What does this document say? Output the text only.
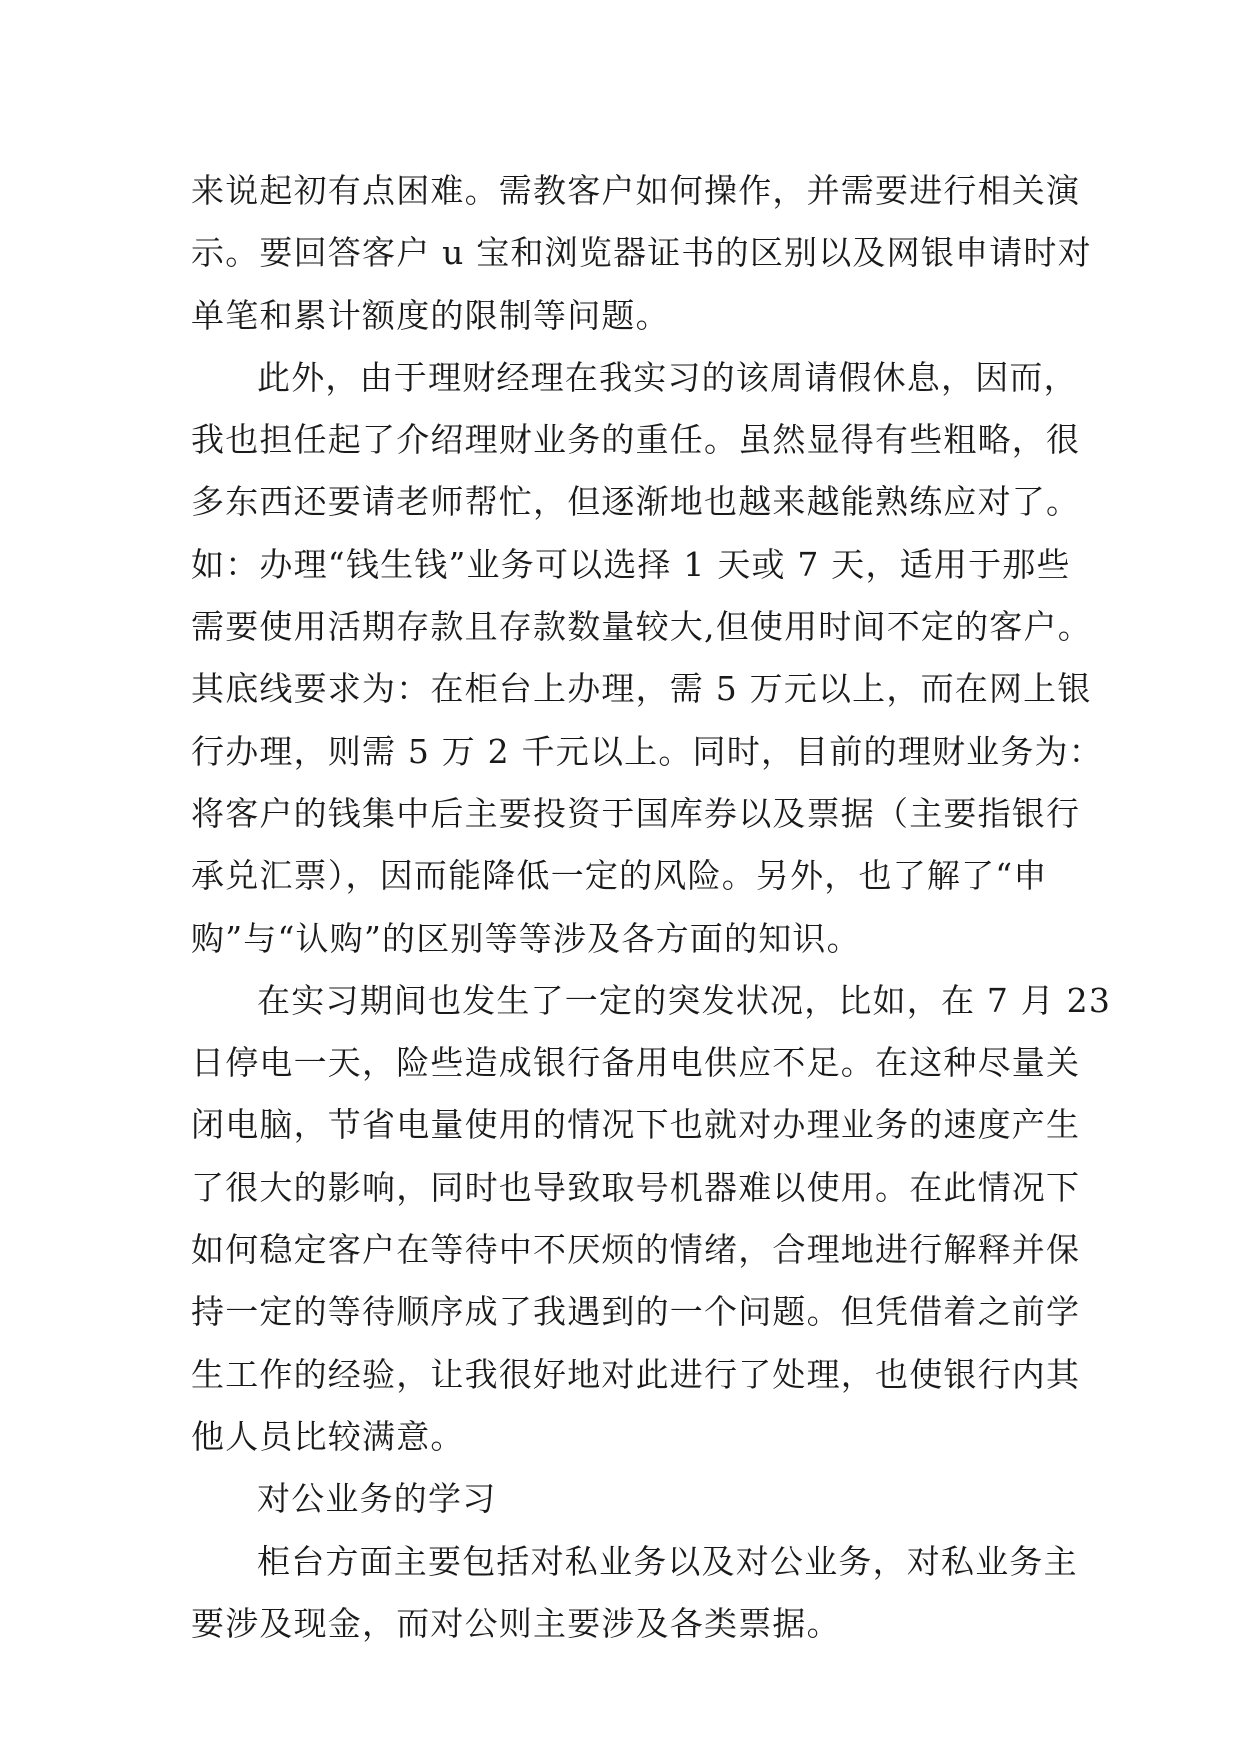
来说起初有点困难。需教客户如何操作，并需要进行相关演
示。要回答客户 u 宝和浏览器证书的区别以及网银申请时对
单笔和累计额度的限制等问题。
此外，由于理财经理在我实习的该周请假休息，因而，
我也担任起了介绍理财业务的重任。虽然显得有些粗略，很
多东西还要请老师帮忙，但逐渐地也越来越能熟练应对了。
如：办理“钱生钱”业务可以选择 1 天或 7 天，适用于那些
需要使用活期存款且存款数量较大,但使用时间不定的客户。
其底线要求为：在柜台上办理，需 5 万元以上，而在网上银
行办理，则需 5 万 2 千元以上。同时，目前的理财业务为：
将客户的钱集中后主要投资于国库券以及票据（主要指银行
承兑汇票），因而能降低一定的风险。另外，也了解了“申
购”与“认购”的区别等等涉及各方面的知识。
在实习期间也发生了一定的突发状况，比如，在 7 月 23
日停电一天，险些造成银行备用电供应不足。在这种尽量关
闭电脑，节省电量使用的情况下也就对办理业务的速度产生
了很大的影响，同时也导致取号机器难以使用。在此情况下
如何稳定客户在等待中不厌烦的情绪，合理地进行解释并保
持一定的等待顺序成了我遇到的一个问题。但凭借着之前学
生工作的经验，让我很好地对此进行了处理，也使银行内其
他人员比较满意。
对公业务的学习
柜台方面主要包括对私业务以及对公业务，对私业务主
要涉及现金，而对公则主要涉及各类票据。
